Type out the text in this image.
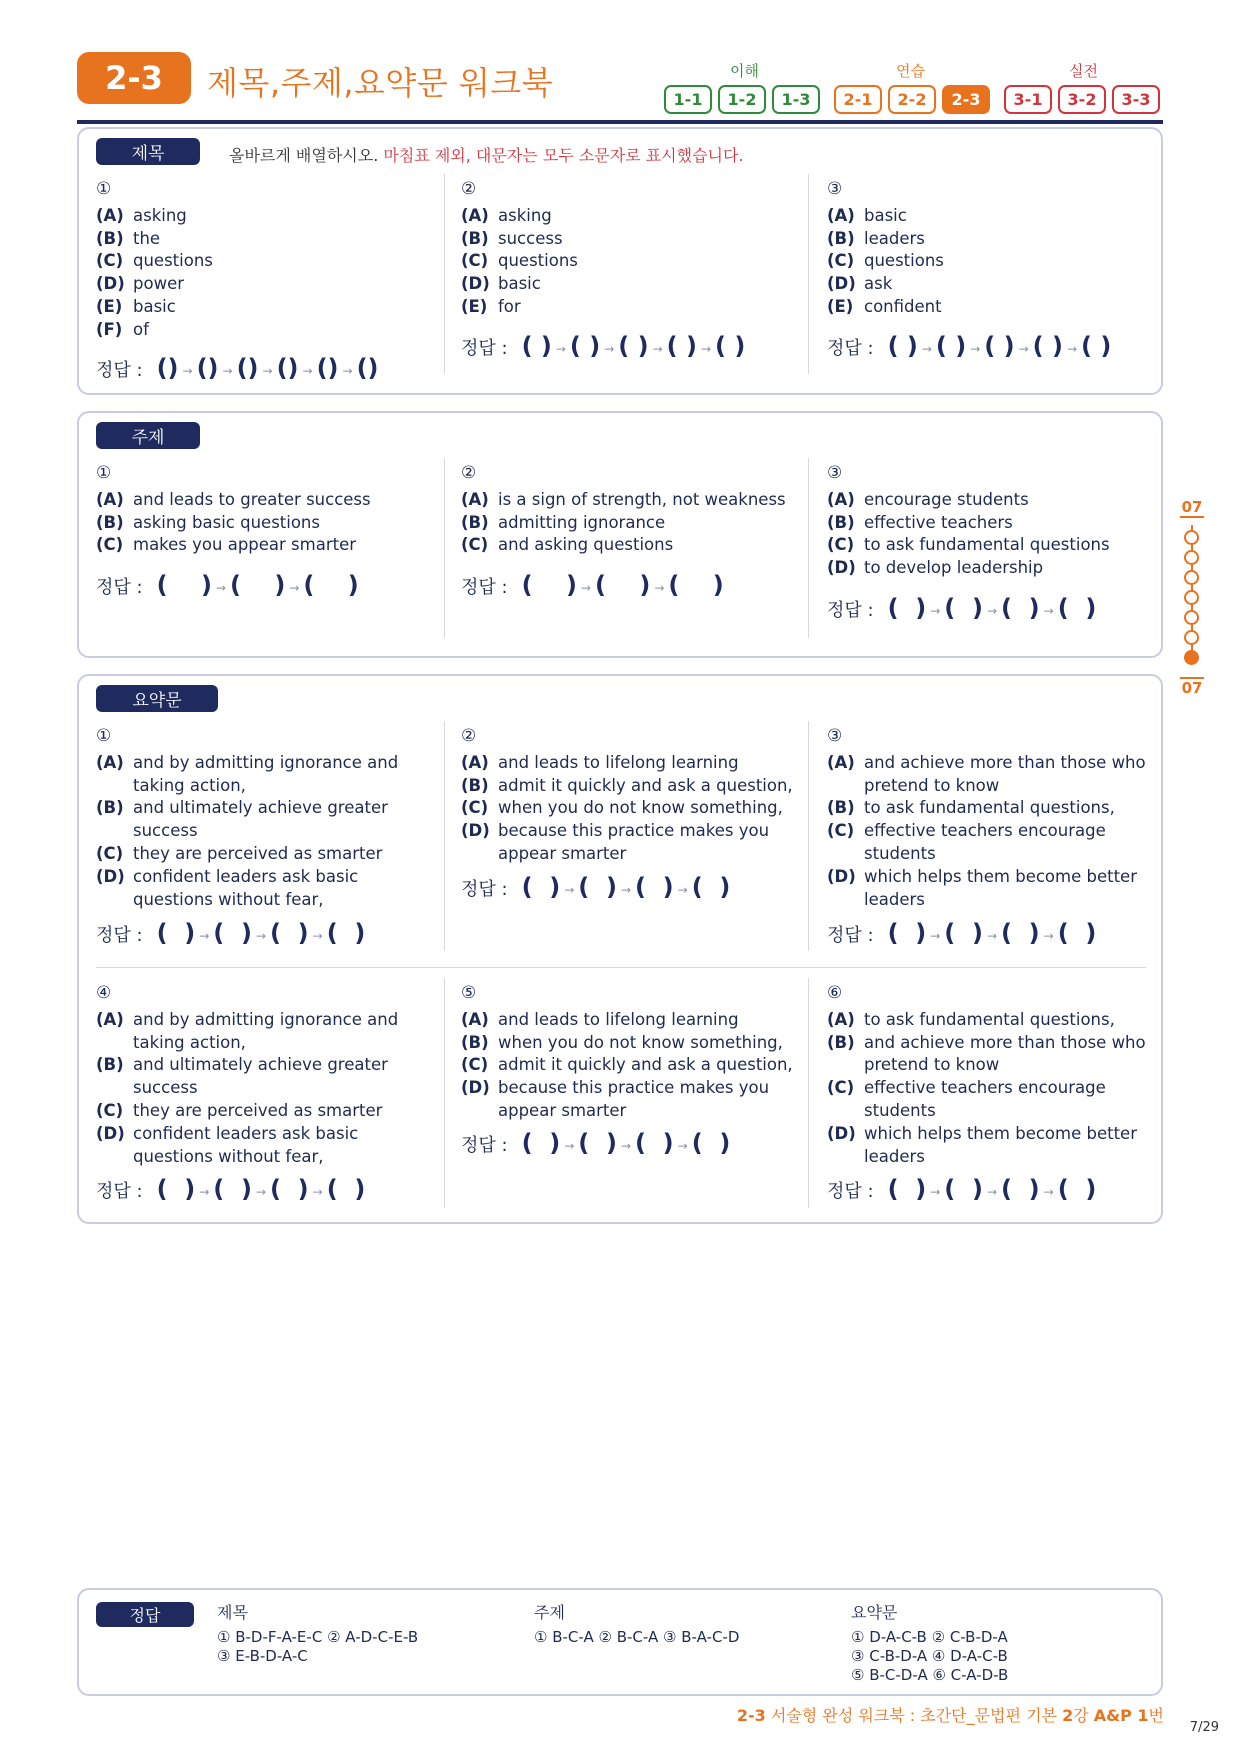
2-3	제목,주제,요약문 워크북	이해	연습	실전
1-1	1-2	1-3	2-1	2-2	2-3	3-1	3-2	3-3
제목	올바르게 배열하시오. 마침표 제외, 대문자는 모두 소문자로 표시했습니다.
①
(A) asking
(B) the
(C) questions
(D) power
(E) basic
(F) of
정답 : () → () → () → () → () → ()
②
(A) asking
(B) success
(C) questions
(D) basic
(E) for
정답 : ( ) → ( ) → ( ) → ( ) → ( )
③
(A) basic
(B) leaders
(C) questions
(D) ask
(E) confident
정답 : ( ) → ( ) → ( ) → ( ) → ( )
주제
①
(A) and leads to greater success
(B) asking basic questions
(C) makes you appear smarter
정답 : (    ) → (    ) → (    )
②
(A) is a sign of strength, not weakness
(B) admitting ignorance
(C) and asking questions
정답 : (    ) → (    ) → (    )
③
(A) encourage students
(B) effective teachers
(C) to ask fundamental questions
(D) to develop leadership
정답 : (  ) → (  ) → (  ) → (  )
요약문
①
(A) and by admitting ignorance and taking action,
(B) and ultimately achieve greater success
(C) they are perceived as smarter
(D) confident leaders ask basic questions without fear,
정답 : (  ) → (  ) → (  ) → (  )
②
(A) and leads to lifelong learning
(B) admit it quickly and ask a question,
(C) when you do not know something,
(D) because this practice makes you appear smarter
정답 : (  ) → (  ) → (  ) → (  )
③
(A) and achieve more than those who pretend to know
(B) to ask fundamental questions,
(C) effective teachers encourage students
(D) which helps them become better leaders
정답 : (  ) → (  ) → (  ) → (  )
④
(A) and by admitting ignorance and taking action,
(B) and ultimately achieve greater success
(C) they are perceived as smarter
(D) confident leaders ask basic questions without fear,
정답 : (  ) → (  ) → (  ) → (  )
⑤
(A) and leads to lifelong learning
(B) when you do not know something,
(C) admit it quickly and ask a question,
(D) because this practice makes you appear smarter
정답 : (  ) → (  ) → (  ) → (  )
⑥
(A) to ask fundamental questions,
(B) and achieve more than those who pretend to know
(C) effective teachers encourage students
(D) which helps them become better leaders
정답 : (  ) → (  ) → (  ) → (  )
07
07
정답	제목
① B-D-F-A-E-C ② A-D-C-E-B
③ E-B-D-A-C
주제
① B-C-A ② B-C-A ③ B-A-C-D
요약문
① D-A-C-B ② C-B-D-A
③ C-B-D-A ④ D-A-C-B
⑤ B-C-D-A ⑥ C-A-D-B
2-3 서술형 완성 워크북 : 초간단_문법편 기본 2강 A&P 1번
7/29
